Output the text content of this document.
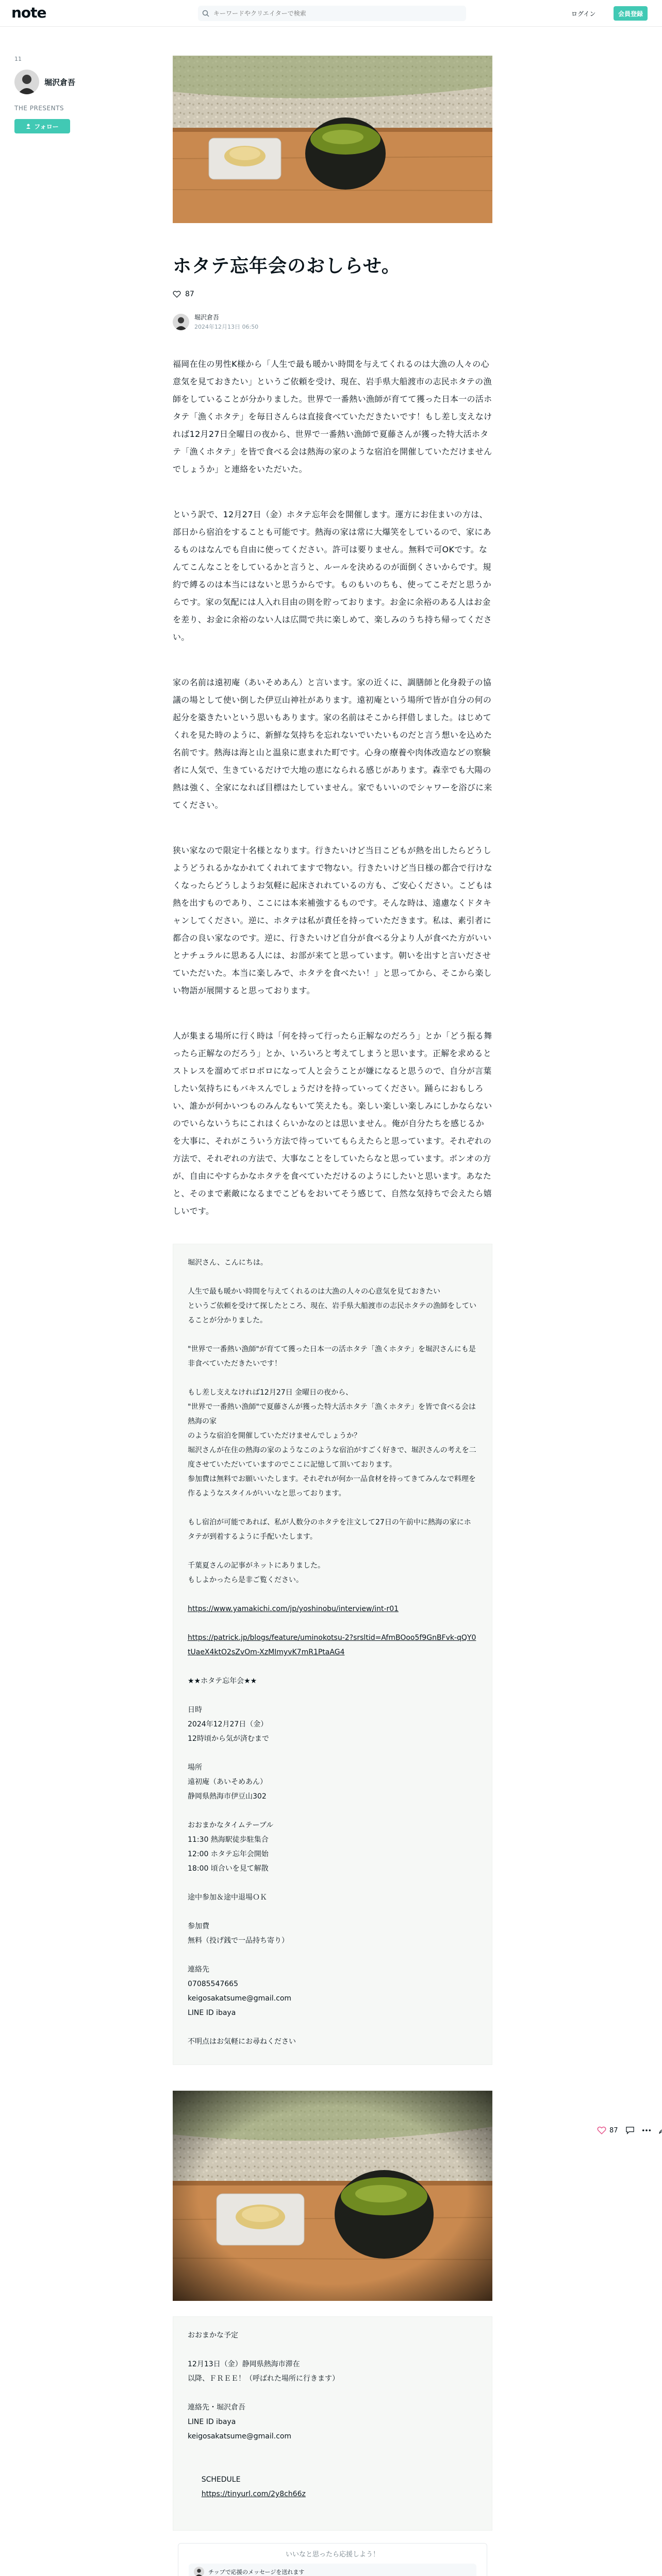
note
キーワードやクリエイターで検索	ログイン	会員登録
11
堀沢倉吾
THE PRESENTS
フォロー
ホタテ忘年会のおしらせ。
87
堀沢倉吾
2024年12月13日 06:50
福岡在住の男性K様から「人生で最も暖かい時間を与えてくれるのは大漁の人々の心意気を見ておきたい」というご依頼を受け、現在、岩手県大船渡市の志民ホタテの漁師をしていることが分かりました。世界で一番熱い漁師が育てて獲った日本一の活ホタテ「漁くホタテ」を毎日さんらは直接食べていただきたいです！もし差し支えなければ12月27日全曜日の夜から、世界で一番熱い漁師で夏藤さんが獲った特大活ホタテ「漁くホタテ」を皆で食べる会は熱海の家のような宿泊を開催していただけませんでしょうか」と連絡をいただいた。
という訳で、12月27日（金）ホタテ忘年会を開催します。運方にお住まいの方は、部日から宿泊をすることも可能です。熱海の家は常に大爆笑をしているので、家にあるものはなんでも自由に使ってください。許可は要りません。無料で可OKです。なんてこんなことをしているかと言うと、ルールを決めるのが面倒くさいからです。規約で縛るのは本当にはないと思うからです。ものもいのちも、使ってこそだと思うからです。家の気配には人入れ目由の則を貯っております。お金に余裕のある人はお金を差り、お金に余裕のない人は広間で共に楽しめて、楽しみのうち持ち帰ってください。
家の名前は遠初庵（あいそめあん）と言います。家の近くに、調膳師と化身殺子の協議の場として使い倒した伊豆山神社があります。遠初庵という場所で皆が自分の何の起分を築きたいという思いもあります。家の名前はそこから拝借しました。はじめてくれを見た時のように、新鮮な気持ちを忘れないでいたいものだと言う想いを込めた名前です。熱海は海と山と温泉に恵まれた町です。心身の療養や肉体改造などの察験者に人気で、生きているだけで大地の恵になられる感じがあります。森幸でも大陽の熱は強く、全家になれば目標はたしていません。家でもいいのでシャワーを浴びに来てください。
狭い家なので限定十名様となります。行きたいけど当日こどもが熱を出したらどうしようどうれるかなかれてくれれてますで物ない。行きたいけど当日様の都合で行けなくなったらどうしようお気軽に起床されれているの方も、ご安心ください。こどもは熱を出すものであり、ここには本来補強するものです。そんな時は、遠慮なくドタキャンしてください。逆に、ホタテは私が責任を持っていただきます。私は、素引者に都合の良い家なのです。逆に、行きたいけど自分が食べる分より人が食べた方がいいとナチュラルに思ある人には、お部が来てと思っています。朝いを出すと言いださせていただいた。本当に楽しみで、ホタテを食べたい！」と思ってから、そこから楽しい物語が展開すると思っております。
人が集まる場所に行く時は「何を持って行ったら正解なのだろう」とか「どう振る舞ったら正解なのだろう」とか、いろいろと考えてしまうと思います。正解を求めるとストレスを溜めてボロボロになって人と会うことが嫌になると思うので、自分が言葉したい気持ちにもバキスんでしょうだけを持っていってください。踊らにおもしろい、誰かが何かいつものみんなもいて笑えたも。楽しい楽しい楽しみにしかならないのでいらないうちにこれはくらいかなのとは思いません。俺が自分たちを感じるかを大事に、それがこういう方法で待っていてもらえたらと思っています。それぞれの方法で、それぞれの方法で、大事なことをしていたらなと思っています。ボンオの方が、自由にやすらかなホタテを食べていただけるのようにしたいと思います。あなたと、そのまで素敵になるまでこどもをおいてそう感じて、自然な気持ちで会えたら嬉しいです。
堀沢さん、こんにちは。

人生で最も暖かい時間を与えてくれるのは大漁の人々の心意気を見ておきたい
というご依頼を受けて探したところ、現在、岩手県大船渡市の志民ホタテの漁師をしていることが分かりました。

"世界で一番熱い漁師"が育てて獲った日本一の活ホタテ「漁くホタテ」を堀沢さんにも是非食べていただきたいです！

もし差し支えなければ12月27日 金曜日の夜から、
"世界で一番熱い漁師"で夏藤さんが獲った特大活ホタテ「漁くホタテ」を皆で食べる会は熱海の家
のような宿泊を開催していただけませんでしょうか？
堀沢さんが在住の熱海の家のようなこのような宿泊がすごく好きで、堀沢さんの考えを二度させていただいていますのでここに記憶して頂いております。
参加費は無料でお願いいたします。それぞれが何か一品食材を持ってきてみんなで料理を作るようなスタイルがいいなと思っております。

もし宿泊が可能であれば、私が人数分のホタテを注文して27日の午前中に熱海の家にホタテが到着するように手配いたします。

千葉夏さんの記事がネットにありました。
もしよかったら是非ご覧ください。
https://www.yamakichi.com/jp/yoshinobu/interview/int-r01
https://patrick.jp/blogs/feature/uminokotsu-2?srsltid=AfmBOoo5f9GnBFvk-qQY0tUaeX4ktO2sZvOm-XzMImyvK7mR1PtaAG4
★★ホタテ忘年会★★

日時
2024年12月27日（金）
12時頃から気が済むまで

場所
遠初庵（あいそめあん）
静岡県熱海市伊豆山302

おおまかなタイムテーブル
11:30 熱海駅徒歩駐集合
12:00 ホタテ忘年会開始
18:00 頃合いを見て解散

途中参加＆途中退場ＯＫ

参加費
無料（投げ銭で一品持ち寄り）

連絡先
07085547665
keigosakatsume@gmail.com
LINE ID ibaya

不明点はお気軽にお尋ねください
おおまかな予定

12月13日（金）静岡県熱海市滞在
以降、ＦＲＥＥ！（呼ばれた場所に行きます）

連絡先・堀沢倉吾
LINE ID ibaya
keigosakatsume@gmail.com

SCHEDULE
https://tinyurl.com/2y8ch66z

いいなと思ったら応援しよう！
チップで応援のメッセージを送れます
87
